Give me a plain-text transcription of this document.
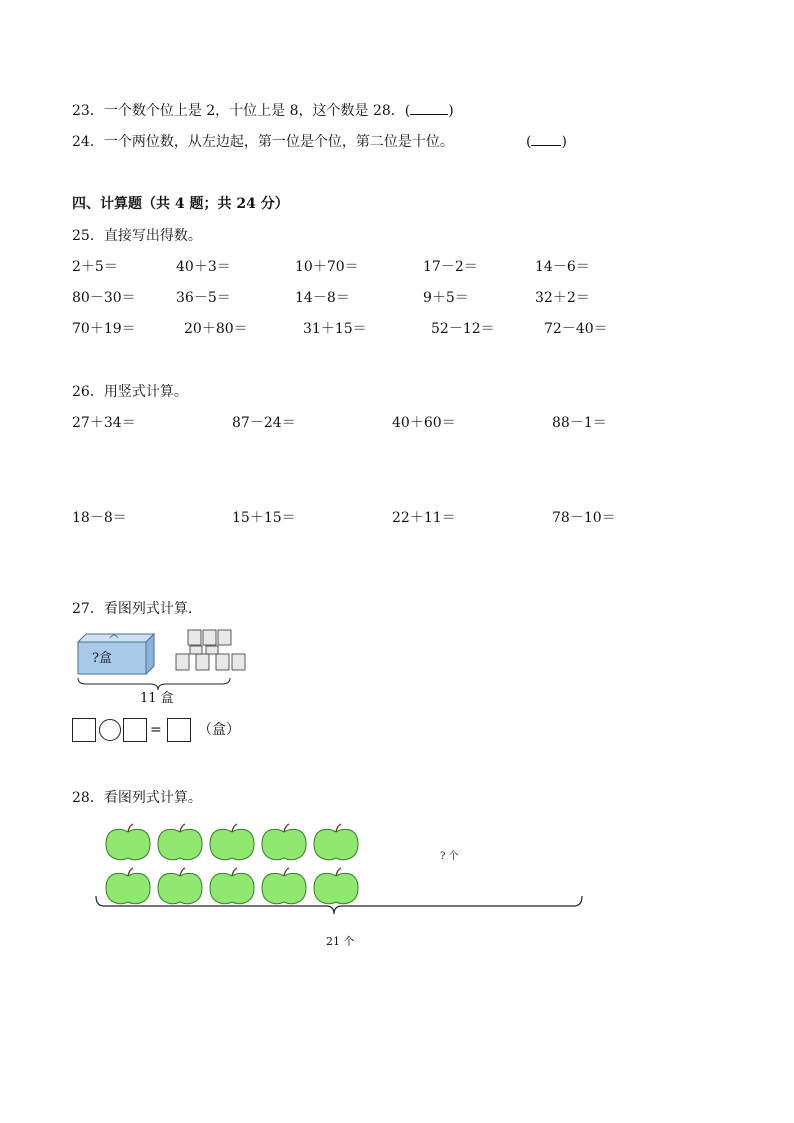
23．一个数个位上是 2，十位上是 8，这个数是 28．(	)
24．一个两位数，从左边起，第一位是个位，第二位是十位。	( )
四、计算题（共 4 题；共 24 分）
25．直接写出得数。
2＋5＝	40＋3＝	10＋70＝	17－2＝	14－6＝
80－30＝	36－5＝	14－8＝	9＋5＝	32＋2＝
70＋19＝	20＋80＝	31＋15＝	52－12＝	72－40＝
26．用竖式计算。
27＋34＝	87－24＝	40＋60＝	88－1＝
18－8＝	15＋15＝	22＋11＝	78－10＝
27．看图列式计算.
?盒
11 盒
=	（盒）
28．看图列式计算。
? 个
21 个
